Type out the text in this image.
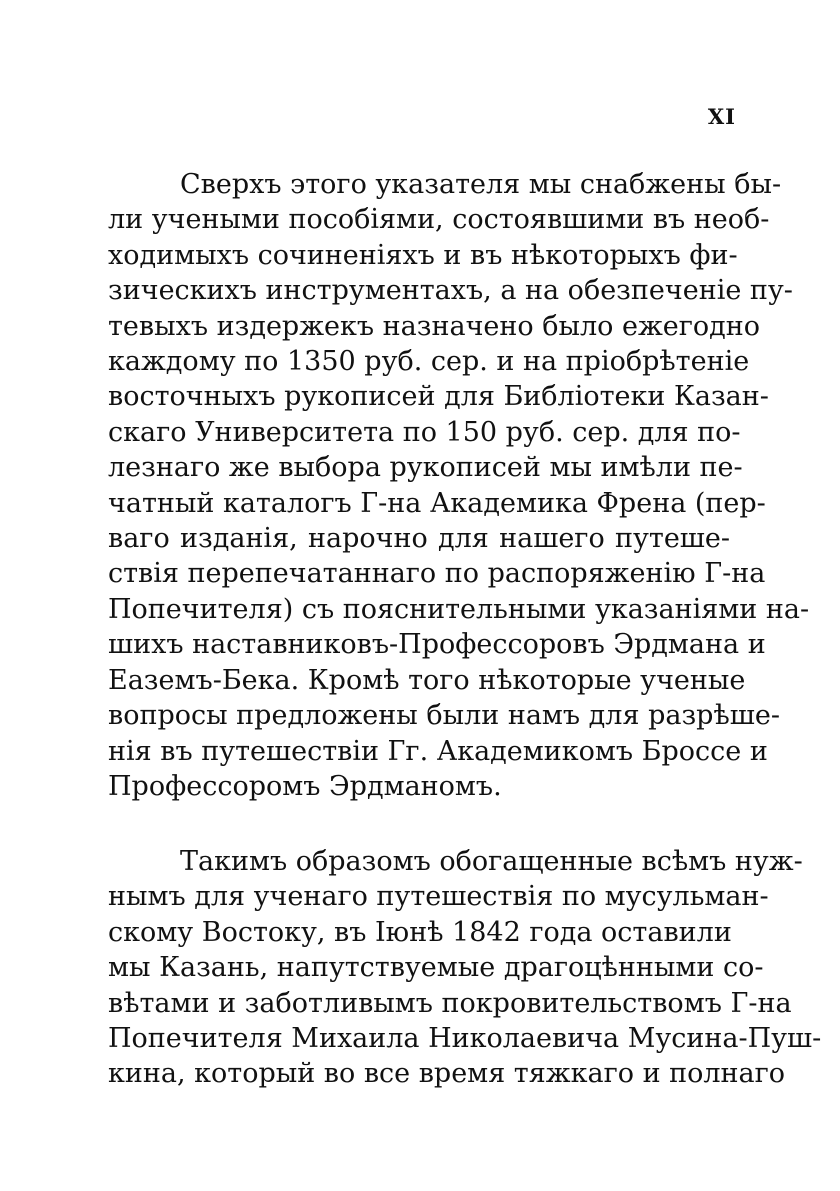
XI
Сверхъ этого указателя мы снабжены бы-
ли учеными пособіями, состоявшими въ необ-
ходимыхъ сочиненіяхъ и въ нѣкоторыхъ фи-
зическихъ инструментахъ, а на обезпеченіе пу-
тевыхъ издержекъ назначено было ежегодно
каждому по 1350 руб. сер. и на пріобрѣтеніе
восточныхъ рукописей для Библіотеки Казан-
скаго Университета по 150 руб. сер. для по-
лезнаго же выбора рукописей мы имѣли пе-
чатный каталогъ Г-на Академика Френа (пер-
ваго изданія, нарочно для нашего путеше-
ствія перепечатаннаго по распоряженію Г-на
Попечителя) съ пояснительными указаніями на-
шихъ наставниковъ-Профессоровъ Эрдмана и
Еаземъ-Бека. Кромѣ того нѣкоторые ученые
вопросы предложены были намъ для разрѣше-
нія въ путешествіи Гг. Академикомъ Броссе и
Профессоромъ Эрдманомъ.
Такимъ образомъ обогащенные всѣмъ нуж-
нымъ для ученаго путешествія по мусульман-
скому Востоку, въ Іюнѣ 1842 года оставили
мы Казань, напутствуемые драгоцѣнными со-
вѣтами и заботливымъ покровительствомъ Г-на
Попечителя Михаила Николаевича Мусина-Пуш-
кина, который во все время тяжкаго и полнаго
